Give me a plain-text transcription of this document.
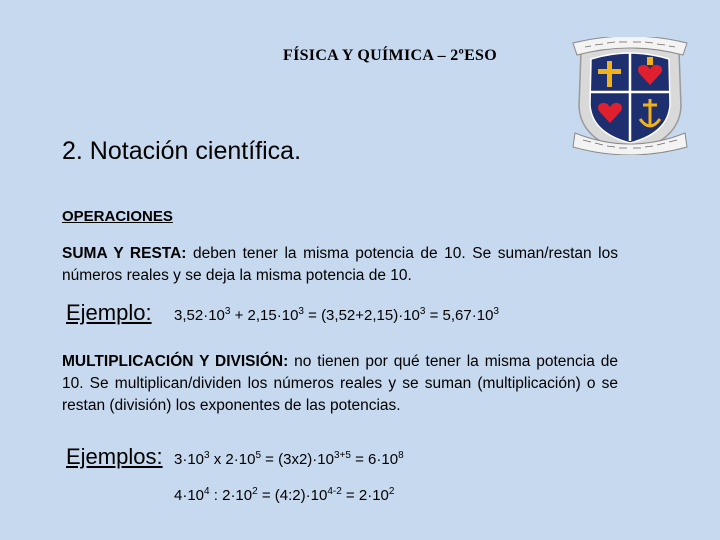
FÍSICA Y QUÍMICA – 2ºESO
2. Notación científica.
OPERACIONES
SUMA Y RESTA: deben tener la misma potencia de 10. Se suman/restan los números reales y se deja la misma potencia de 10.
Ejemplo: $3,52\cdot 10^3 + 2,15\cdot 10^3 = (3,52+2,15)\cdot 10^3 = 5,67\cdot 10^3$
MULTIPLICACIÓN Y DIVISIÓN: no tienen por qué tener la misma potencia de 10. Se multiplican/dividen los números reales y se suman (multiplicación) o se restan (división) los exponentes de las potencias.
Ejemplos: $3\cdot 10^3$ x $2\cdot 10^5 = (3x2)\cdot 10^{3+5} = 6\cdot 10^8$
$4\cdot 10^4$ : $2\cdot 10^2$ = $(4:2)\cdot 10^{4-2} = 2\cdot 10^2$
